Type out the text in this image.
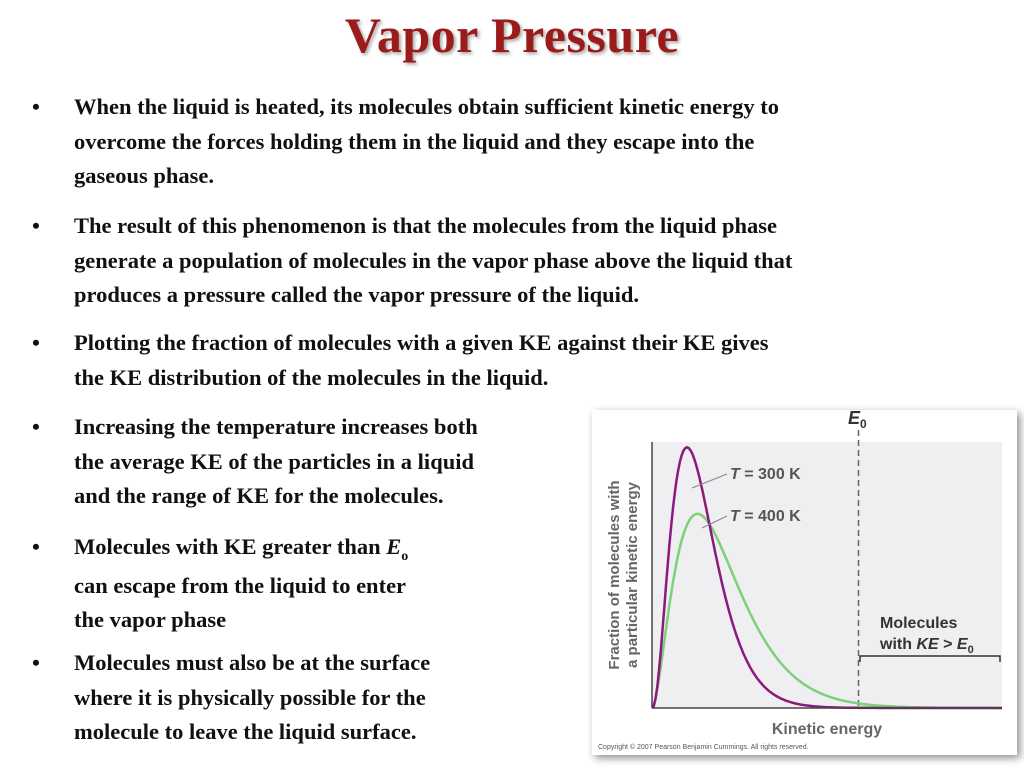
Vapor Pressure
• When the liquid is heated, its molecules obtain sufficient kinetic energy to
overcome the forces holding them in the liquid and they escape into the
gaseous phase.
• The result of this phenomenon is that the molecules from the liquid phase
generate a population of molecules in the vapor phase above the liquid that
produces a pressure called the vapor pressure of the liquid.
• Plotting the fraction of molecules with a given KE against their KE gives
the KE distribution of the molecules in the liquid.
• Increasing the temperature increases both
the average KE of the particles in a liquid
and the range of KE for the molecules.
• Molecules with KE greater than $E_o$
can escape from the liquid to enter
the vapor phase
• Molecules must also be at the surface
where it is physically possible for the
molecule to leave the liquid surface.
T = 300 K
T = 400 K
$E_0$
Molecules
with KE > $E_0$
Fraction of molecules with a particular kinetic energy
Kinetic energy
Copyright © 2007 Pearson Benjamin Cummings. All rights reserved.
